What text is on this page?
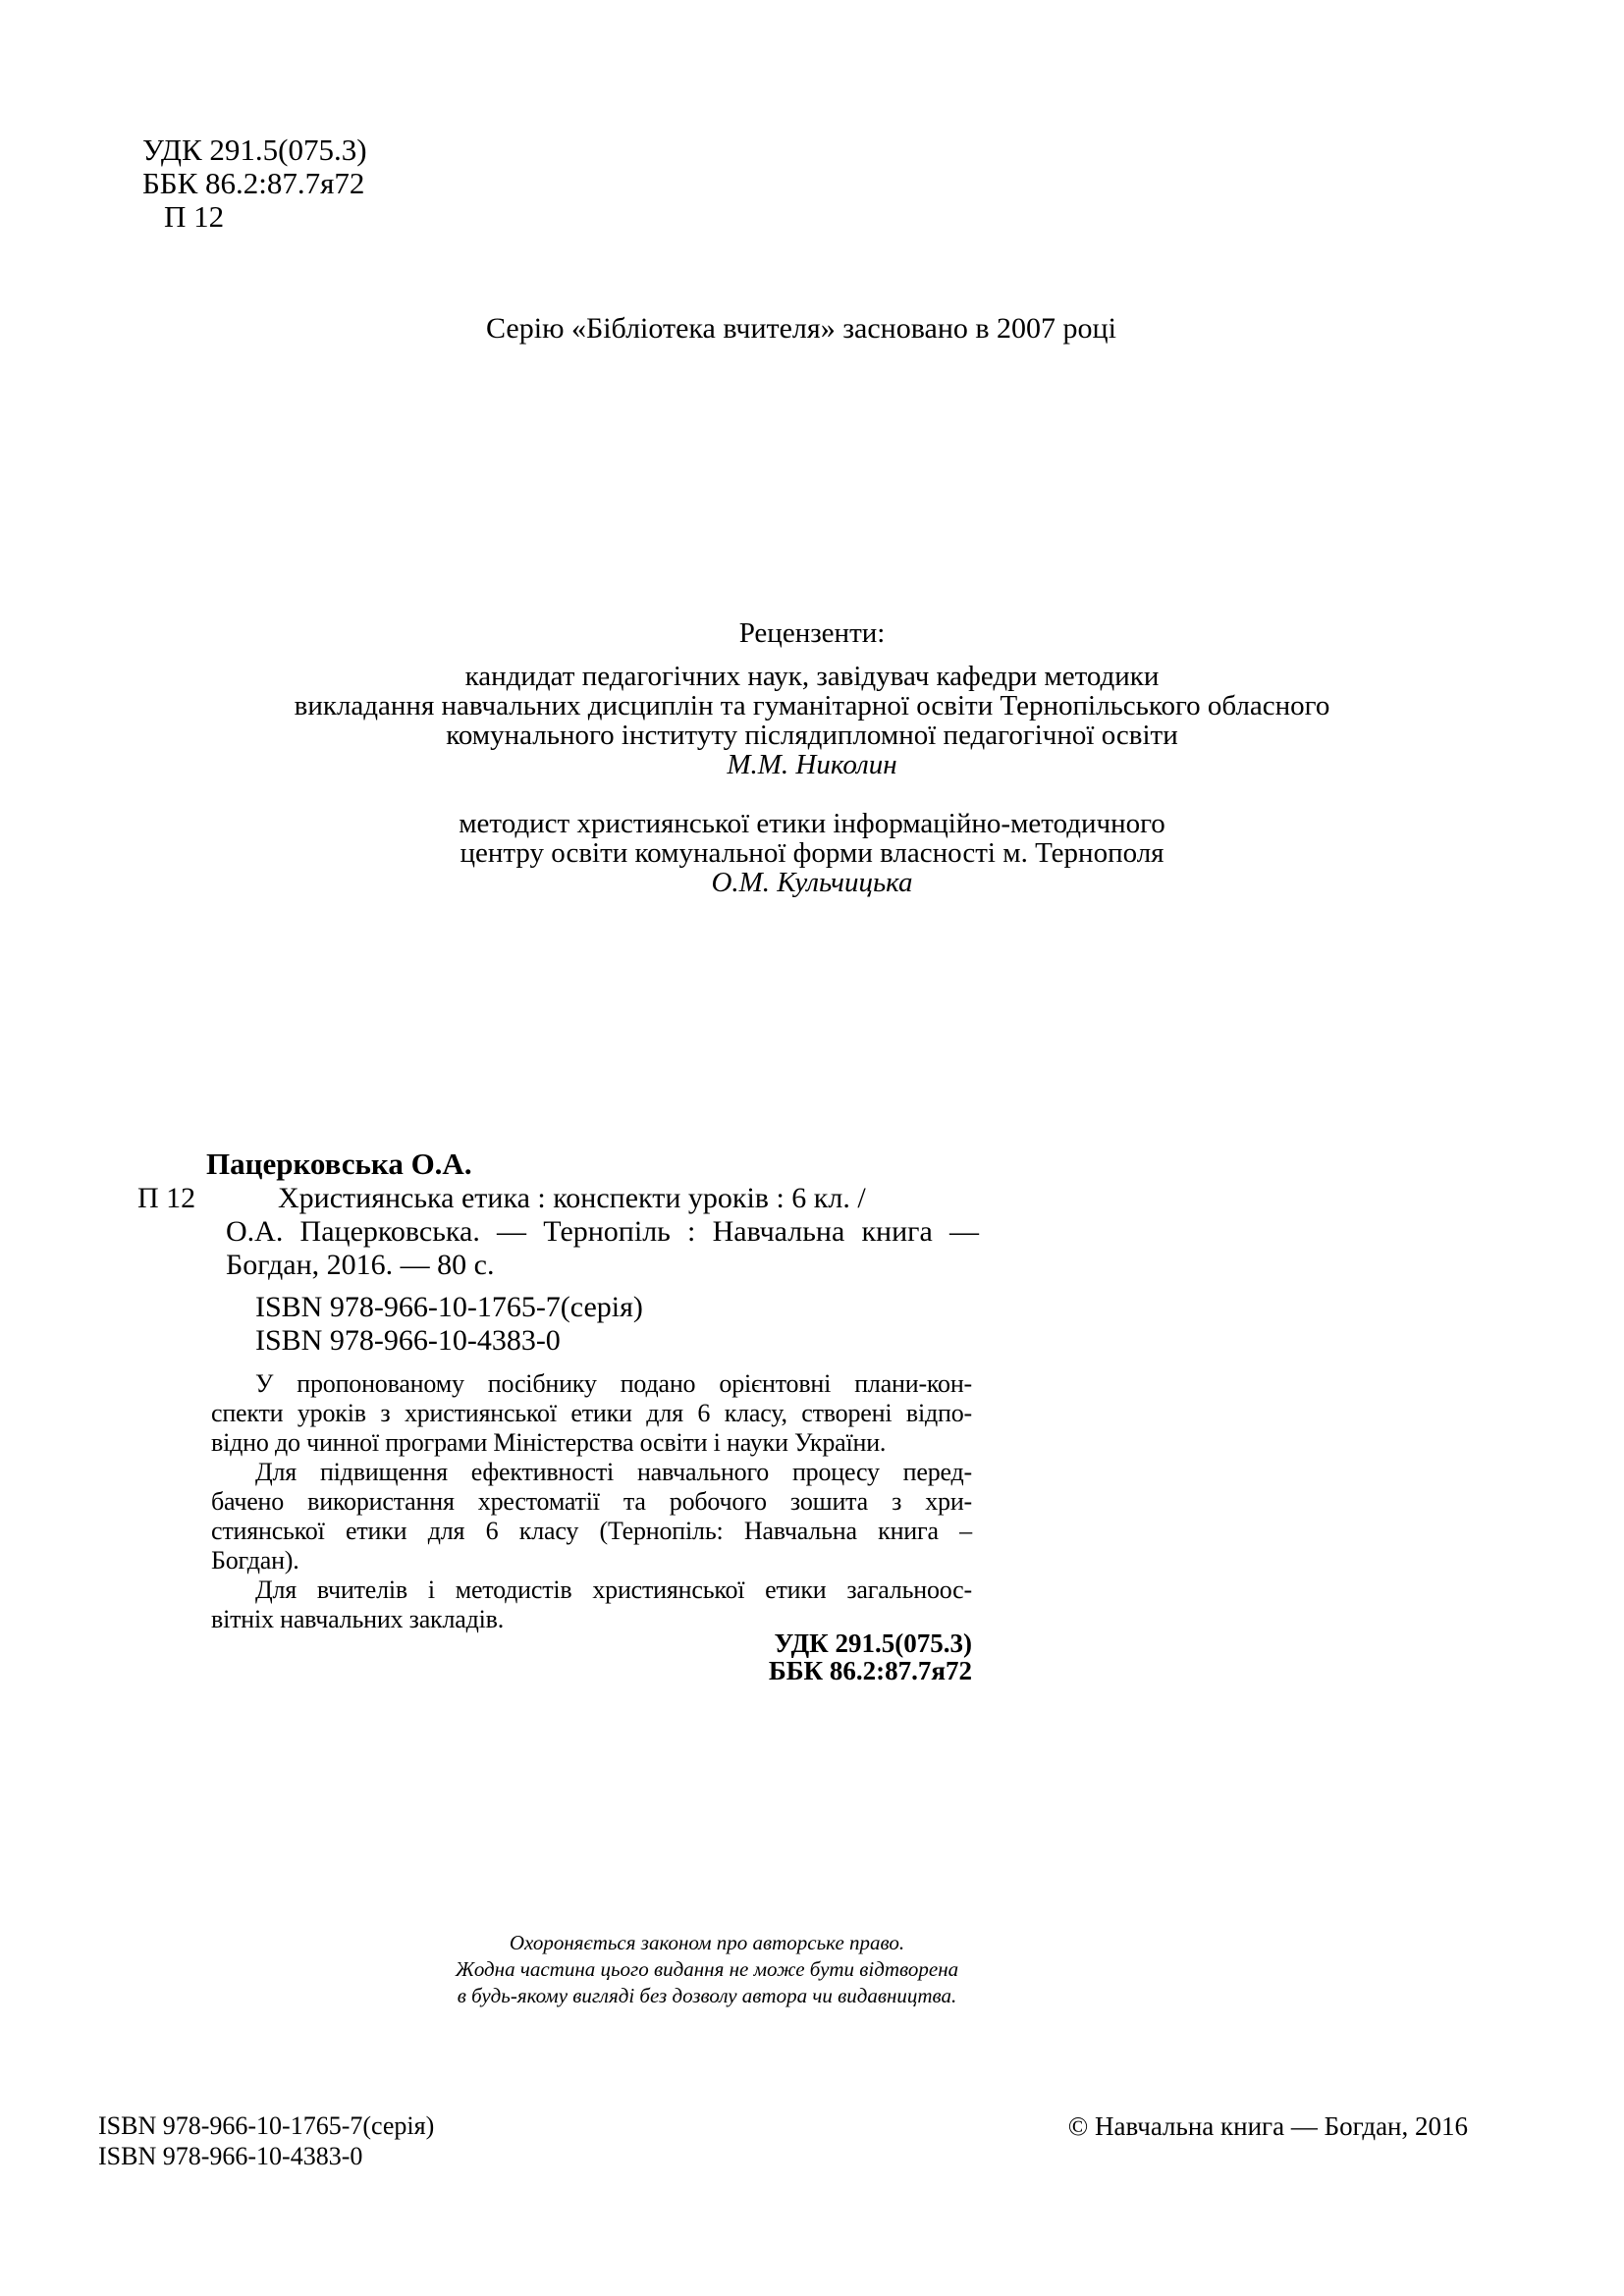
УДК 291.5(075.3)
ББК 86.2:87.7я72
П 12
Серію «Бібліотека вчителя» засновано в 2007 році
Рецензенти:
кандидат педагогічних наук, завідувач кафедри методики
викладання навчальних дисциплін та гуманітарної освіти Тернопільського обласного
комунального інституту післядипломної педагогічної освіти
М.М. Николин
методист християнської етики інформаційно-методичного
центру освіти комунальної форми власності м. Тернополя
О.М. Кульчицька
Пацерковська О.А.
П 12	Християнська етика : конспекти уроків : 6 кл. /
О.А. Пацерковська. — Тернопіль : Навчальна книга —
Богдан, 2016. — 80 с.
ISBN 978-966-10-1765-7(серія)
ISBN 978-966-10-4383-0
У пропонованому посібнику подано орієнтовні плани-кон-
спекти уроків з християнської етики для 6 класу, створені відпо-
відно до чинної програми Міністерства освіти і науки України.
Для підвищення ефективності навчального процесу перед-
бачено використання хрестоматії та робочого зошита з хри-
стиянської етики для 6 класу (Тернопіль: Навчальна книга –
Богдан).
Для вчителів і методистів християнської етики загальноос-
вітніх навчальних закладів.
УДК 291.5(075.3)
ББК 86.2:87.7я72
Охороняється законом про авторське право.
Жодна частина цього видання не може бути відтворена
в будь-якому вигляді без дозволу автора чи видавництва.
ISBN 978-966-10-1765-7(серія)
ISBN 978-966-10-4383-0
© Навчальна книга — Богдан, 2016
